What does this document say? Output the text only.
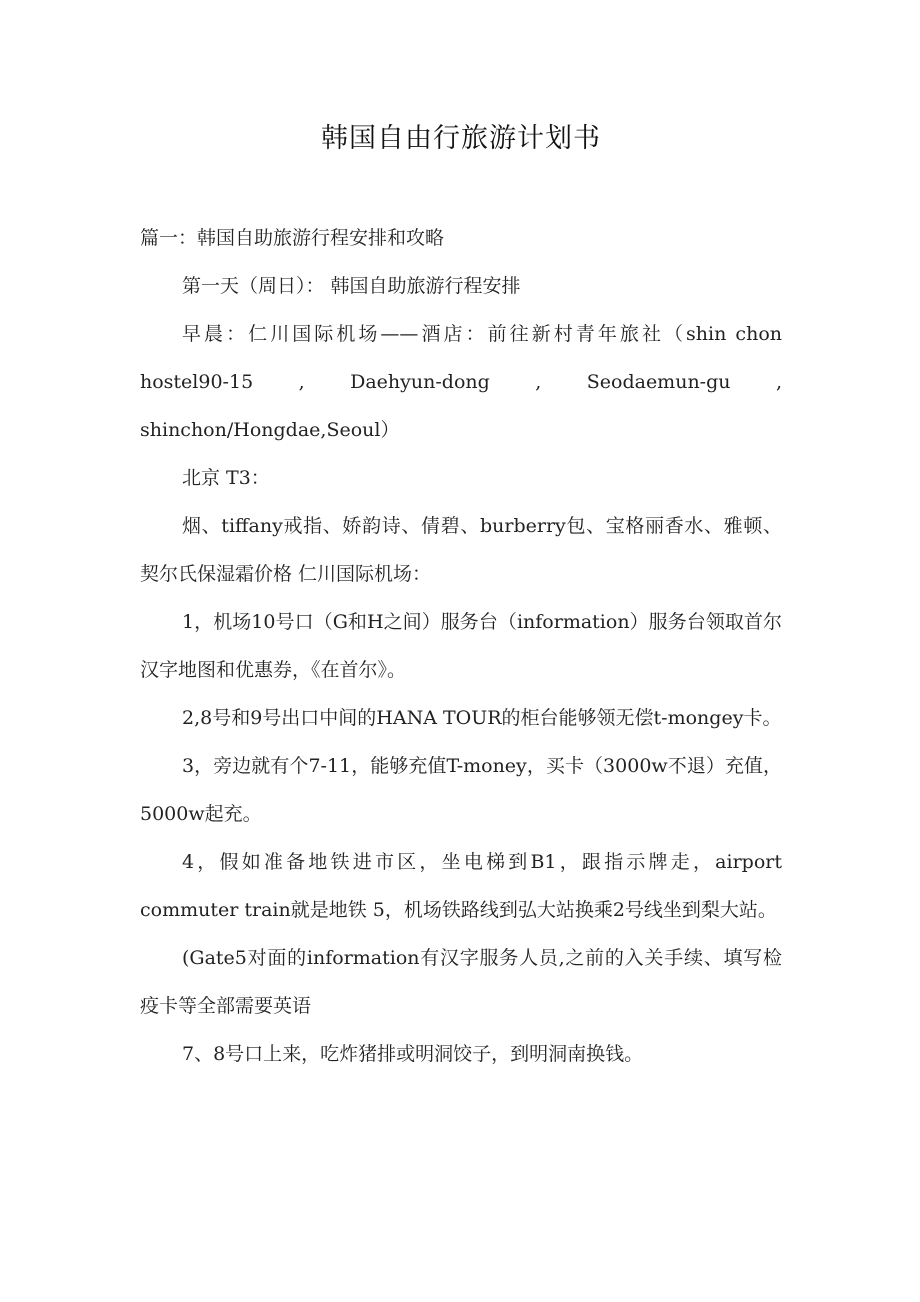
韩国自由行旅游计划书

篇一：韩国自助旅游行程安排和攻略

第一天（周日）： 韩国自助旅游行程安排

早晨：仁川国际机场——酒店：前往新村青年旅社（shin chon hostel90-15 , Daehyun-dong , Seodaemun-gu , shinchon/Hongdae,Seoul）

北京 T3：

烟、tiffany戒指、娇韵诗、倩碧、burberry包、宝格丽香水、雅顿、契尔氏保湿霜价格 仁川国际机场：

1，机场10号口（G和H之间）服务台（information）服务台领取首尔汉字地图和优惠券，《在首尔》。

2,8号和9号出口中间的HANA TOUR的柜台能够领无偿t-mongey卡。

3，旁边就有个7-11，能够充值T-money，买卡（3000w不退）充值，5000w起充。

4，假如准备地铁进市区，坐电梯到B1，跟指示牌走，airport commuter train就是地铁 5，机场铁路线到弘大站换乘2号线坐到梨大站。

(Gate5对面的information有汉字服务人员,之前的入关手续、填写检疫卡等全部需要英语

7、8号口上来，吃炸猪排或明洞饺子，到明洞南换钱。
